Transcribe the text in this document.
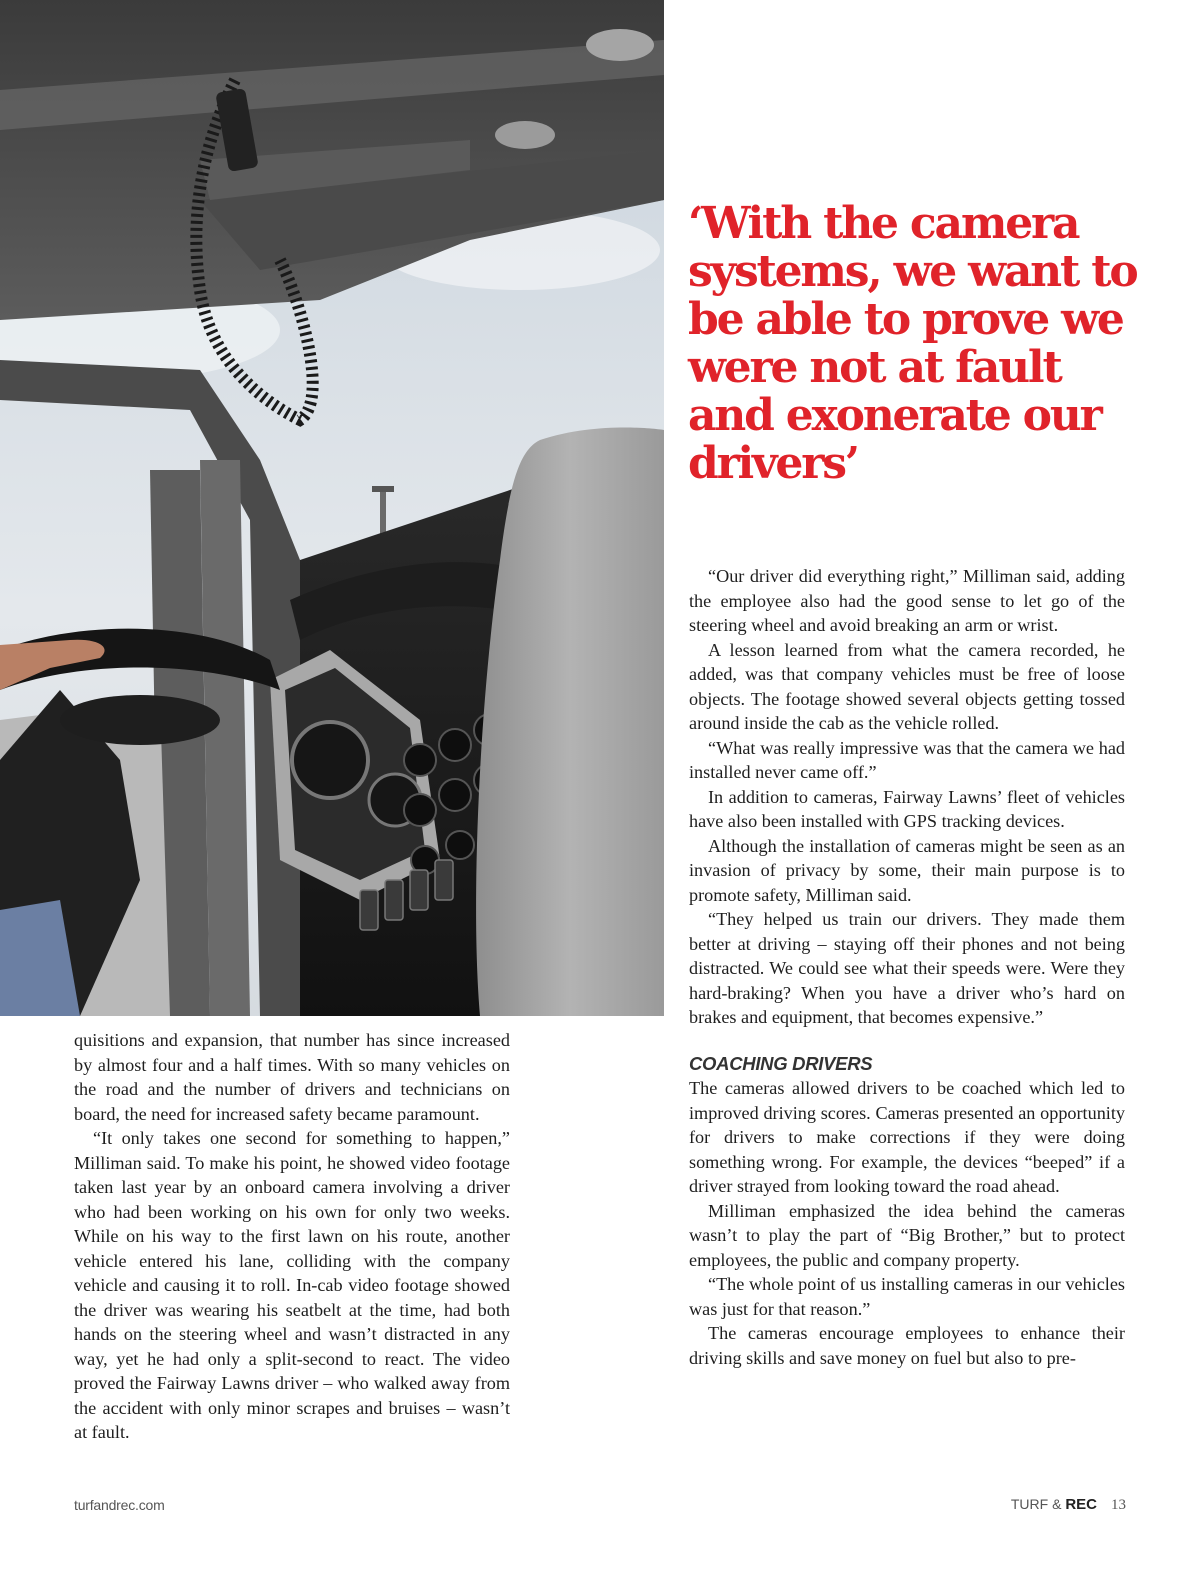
‘With the camera systems, we want to be able to prove we were not at fault and exonerate our drivers’

quisitions and expansion, that number has since increased by almost four and a half times. With so many vehicles on the road and the number of drivers and technicians on board, the need for increased safety became paramount.

“It only takes one second for something to happen,” Milliman said. To make his point, he showed video footage taken last year by an onboard camera involving a driver who had been working on his own for only two weeks. While on his way to the first lawn on his route, another vehicle entered his lane, colliding with the company vehicle and causing it to roll. In-cab video footage showed the driver was wearing his seatbelt at the time, had both hands on the steering wheel and wasn’t distracted in any way, yet he had only a split-second to react. The video proved the Fairway Lawns driver – who walked away from the accident with only minor scrapes and bruises – wasn’t at fault.

“Our driver did everything right,” Milliman said, adding the employee also had the good sense to let go of the steering wheel and avoid breaking an arm or wrist.

A lesson learned from what the camera recorded, he added, was that company vehicles must be free of loose objects. The footage showed several objects getting tossed around inside the cab as the vehicle rolled.

“What was really impressive was that the camera we had installed never came off.”

In addition to cameras, Fairway Lawns’ fleet of vehicles have also been installed with GPS tracking devices.

Although the installation of cameras might be seen as an invasion of privacy by some, their main purpose is to promote safety, Milliman said.

“They helped us train our drivers. They made them better at driving – staying off their phones and not being distracted. We could see what their speeds were. Were they hard-braking? When you have a driver who’s hard on brakes and equipment, that becomes expensive.”

COACHING DRIVERS

The cameras allowed drivers to be coached which led to improved driving scores. Cameras presented an opportunity for drivers to make corrections if they were doing something wrong. For example, the devices “beeped” if a driver strayed from looking toward the road ahead.

Milliman emphasized the idea behind the cameras wasn’t to play the part of “Big Brother,” but to protect employees, the public and company property.

“The whole point of us installing cameras in our vehicles was just for that reason.”

The cameras encourage employees to enhance their driving skills and save money on fuel but also to pre-

turfandrec.com	TURF & REC 13
